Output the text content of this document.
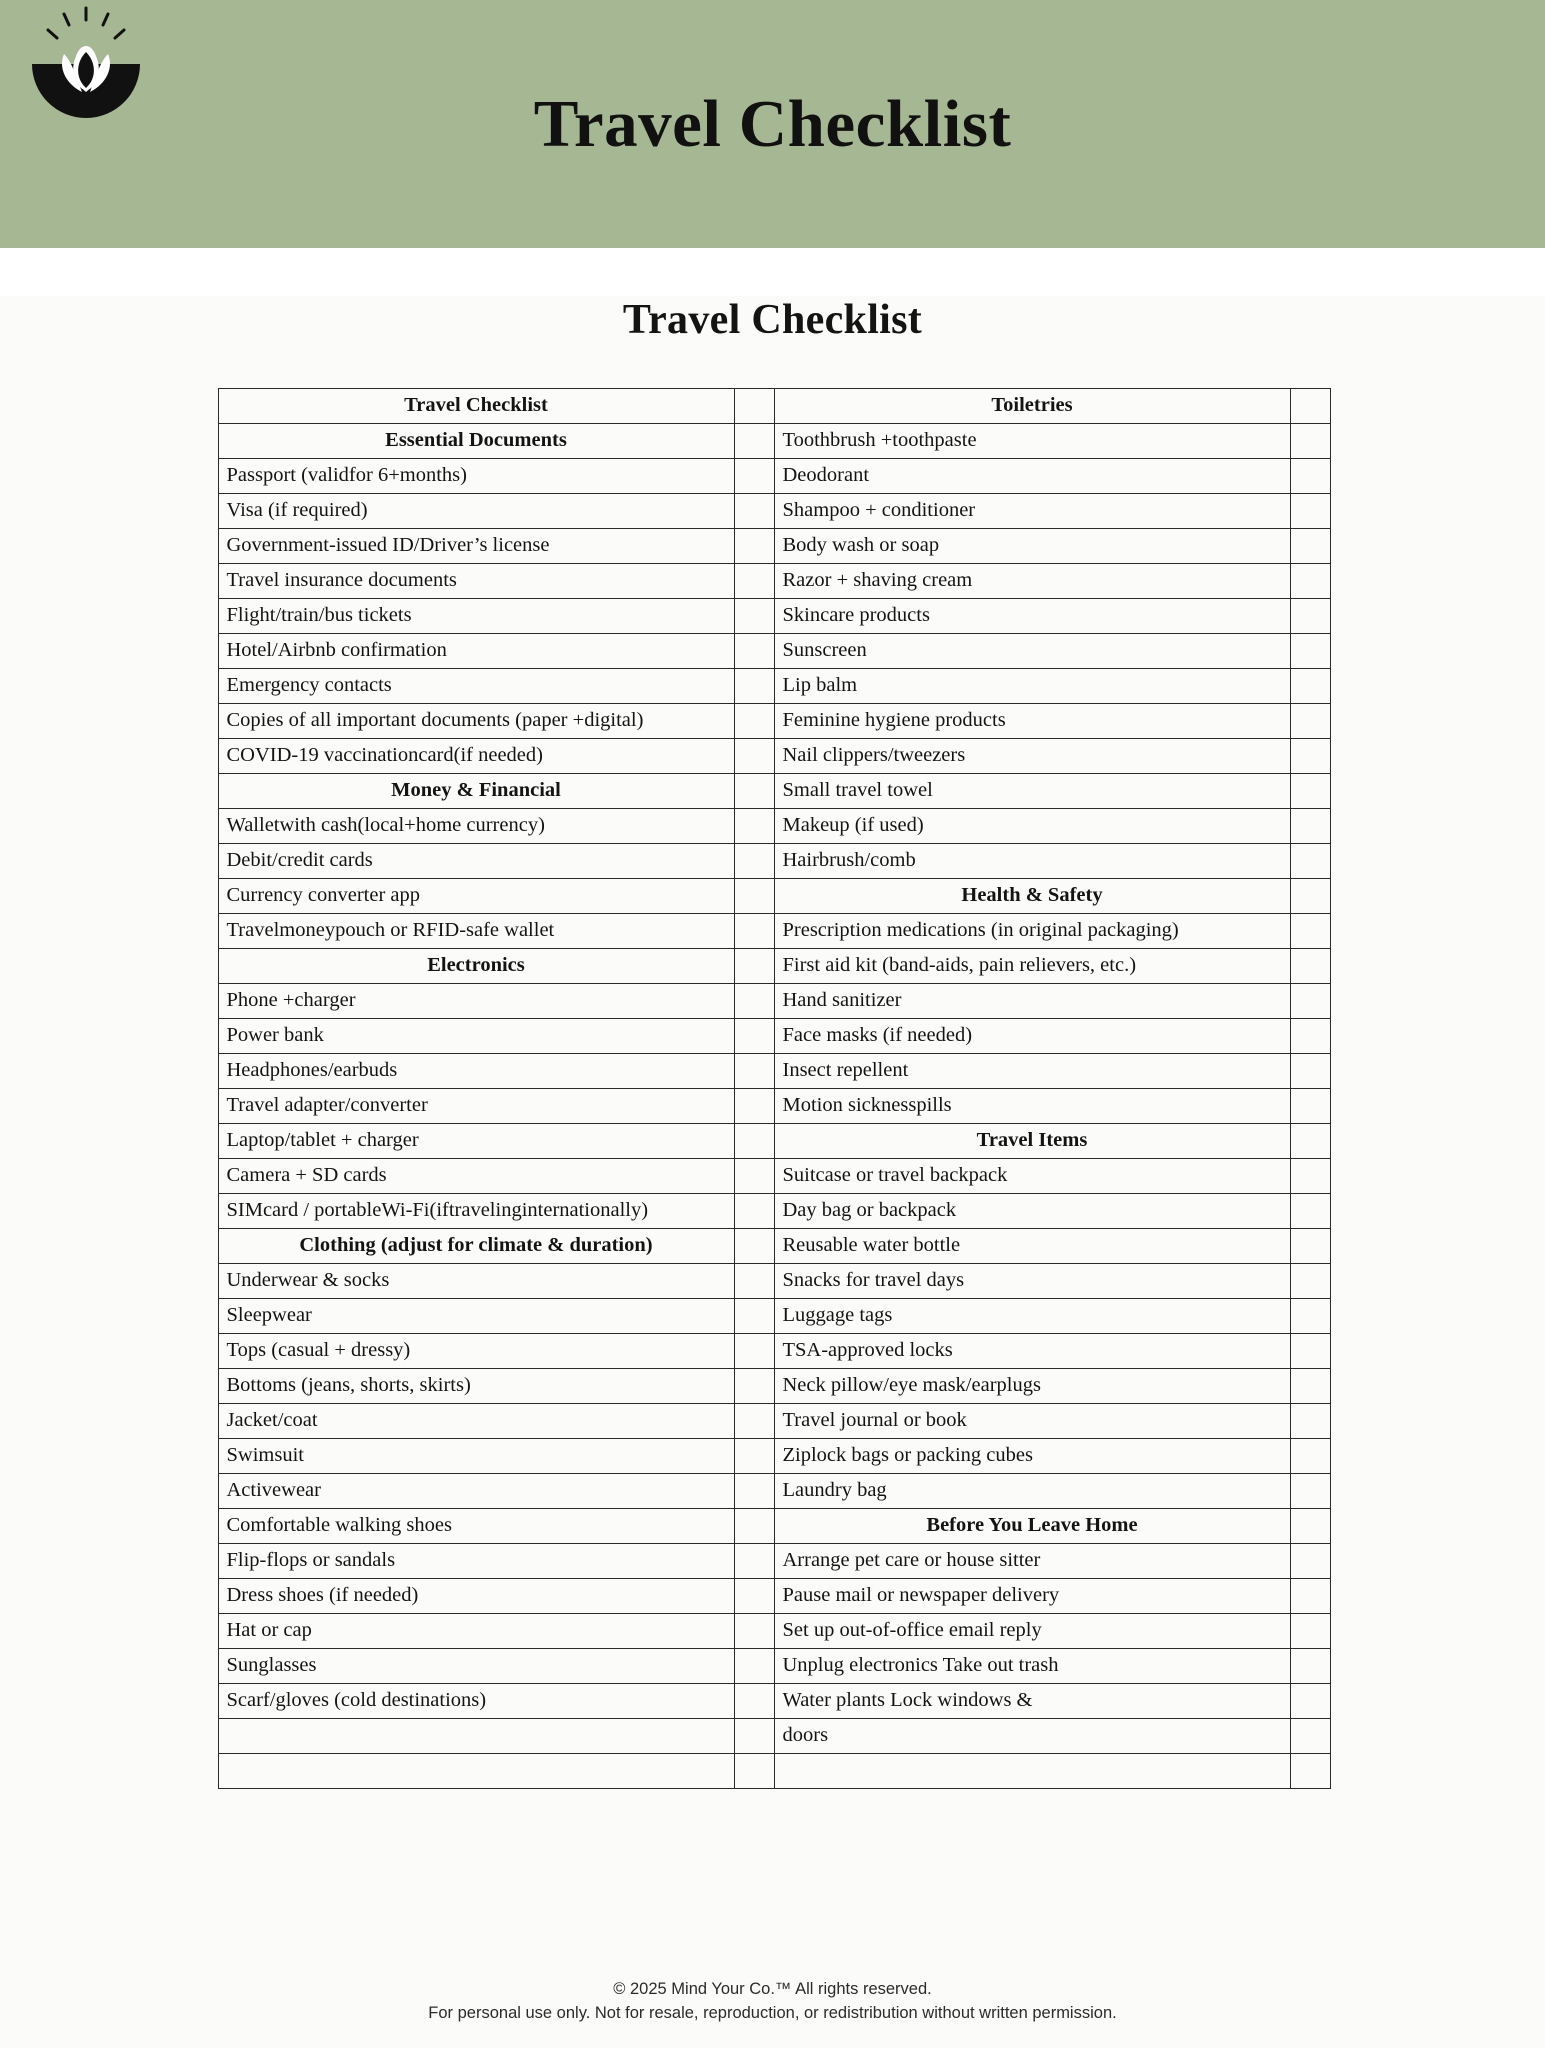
Travel Checklist
Travel Checklist
Travel Checklist		Toiletries	
Essential Documents		Toothbrush +toothpaste	
Passport (validfor 6+months)		Deodorant	
Visa (if required)		Shampoo + conditioner	
Government-issued ID/Driver’s license		Body wash or soap	
Travel insurance documents		Razor + shaving cream	
Flight/train/bus tickets		Skincare products	
Hotel/Airbnb confirmation		Sunscreen	
Emergency contacts		Lip balm	
Copies of all important documents (paper +digital)		Feminine hygiene products	
COVID-19 vaccinationcard(if needed)		Nail clippers/tweezers	
Money & Financial		Small travel towel	
Walletwith cash(local+home currency)		Makeup (if used)	
Debit/credit cards		Hairbrush/comb	
Currency converter app		Health & Safety	
Travelmoneypouch or RFID-safe wallet		Prescription medications (in original packaging)	
Electronics		First aid kit (band-aids, pain relievers, etc.)	
Phone +charger		Hand sanitizer	
Power bank		Face masks (if needed)	
Headphones/earbuds		Insect repellent	
Travel adapter/converter		Motion sicknesspills	
Laptop/tablet + charger		Travel Items	
Camera + SD cards		Suitcase or travel backpack	
SIMcard / portableWi-Fi(iftravelinginternationally)		Day bag or backpack	
Clothing (adjust for climate & duration)		Reusable water bottle	
Underwear & socks		Snacks for travel days	
Sleepwear		Luggage tags	
Tops (casual + dressy)		TSA-approved locks	
Bottoms (jeans, shorts, skirts)		Neck pillow/eye mask/earplugs	
Jacket/coat		Travel journal or book	
Swimsuit		Ziplock bags or packing cubes	
Activewear		Laundry bag	
Comfortable walking shoes		Before You Leave Home	
Flip-flops or sandals		Arrange pet care or house sitter	
Dress shoes (if needed)		Pause mail or newspaper delivery	
Hat or cap		Set up out-of-office email reply	
Sunglasses		Unplug electronics Take out trash	
Scarf/gloves (cold destinations)		Water plants Lock windows &	
		doors	

© 2025 Mind Your Co.™ All rights reserved.
For personal use only. Not for resale, reproduction, or redistribution without written permission.
